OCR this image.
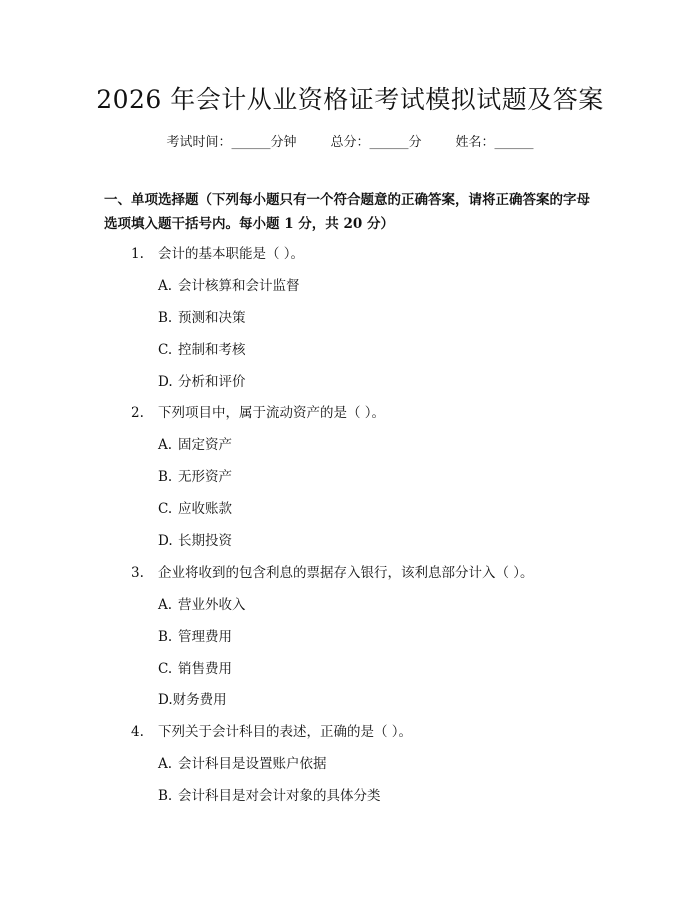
2026 年会计从业资格证考试模拟试题及答案
考试时间：______分钟	总分：______分	姓名：______
一、单项选择题（下列每小题只有一个符合题意的正确答案，请将正确答案的字母选项填入题干括号内。每小题 1 分，共 20 分）
1. 会计的基本职能是（ ）。
A. 会计核算和会计监督
B. 预测和决策
C. 控制和考核
D. 分析和评价
2. 下列项目中，属于流动资产的是（ ）。
A. 固定资产
B. 无形资产
C. 应收账款
D. 长期投资
3. 企业将收到的包含利息的票据存入银行，该利息部分计入（ ）。
A. 营业外收入
B. 管理费用
C. 销售费用
D.财务费用
4. 下列关于会计科目的表述，正确的是（ ）。
A. 会计科目是设置账户依据
B. 会计科目是对会计对象的具体分类
